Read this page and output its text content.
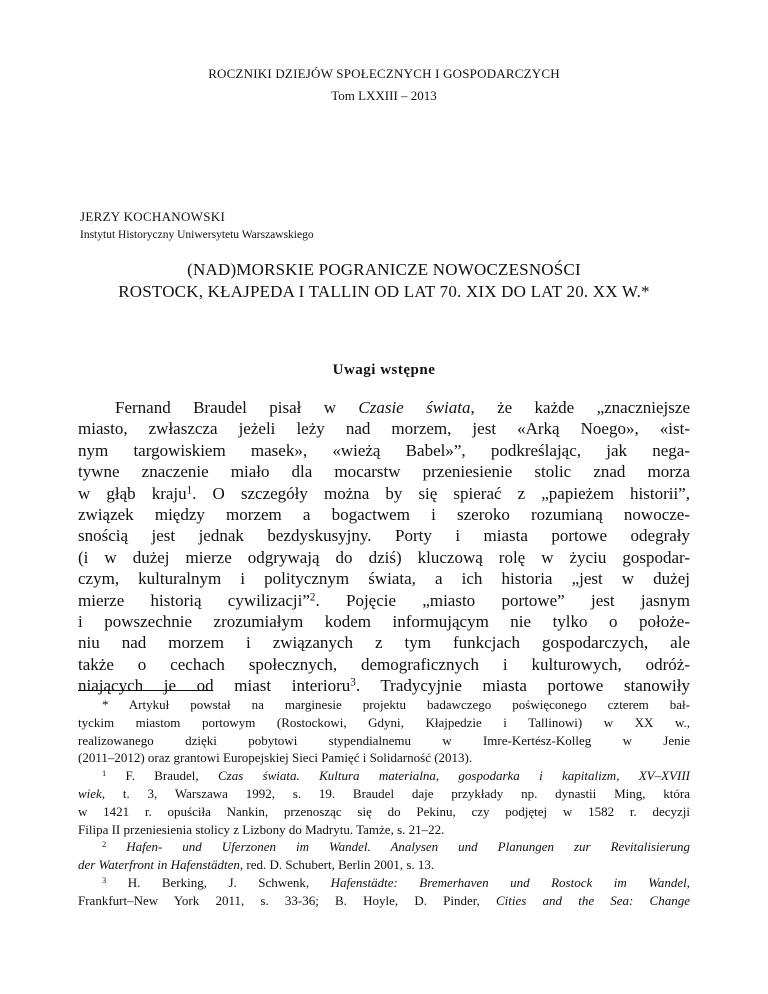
ROCZNIKI DZIEJÓW SPOŁECZNYCH I GOSPODARCZYCH
Tom LXXIII – 2013
JERZY KOCHANOWSKI
Instytut Historyczny Uniwersytetu Warszawskiego
(NAD)MORSKIE POGRANICZE NOWOCZESNOŚCI
ROSTOCK, KŁAJPEDA I TALLIN OD LAT 70. XIX DO LAT 20. XX W.*
Uwagi wstępne
Fernand Braudel pisał w Czasie świata, że każde „znaczniejsze
miasto, zwłaszcza jeżeli leży nad morzem, jest «Arką Noego», «ist-
nym targowiskiem masek», «wieżą Babel»”, podkreślając, jak nega-
tywne znaczenie miało dla mocarstw przeniesienie stolic znad morza
w głąb kraju$^1$. O szczegóły można by się spierać z „papieżem historii”,
związek między morzem a bogactwem i szeroko rozumianą nowocze-
snością jest jednak bezdyskusyjny. Porty i miasta portowe odegrały
(i w dużej mierze odgrywają do dziś) kluczową rolę w życiu gospodar-
czym, kulturalnym i politycznym świata, a ich historia „jest w dużej
mierze historią cywilizacji”$^2$. Pojęcie „miasto portowe” jest jasnym
i powszechnie zrozumiałym kodem informującym nie tylko o położe-
niu nad morzem i związanych z tym funkcjach gospodarczych, ale
także o cechach społecznych, demograficznych i kulturowych, odróż-
niających je od miast interioru$^3$. Tradycyjnie miasta portowe stanowiły
* Artykuł powstał na marginesie projektu badawczego poświęconego czterem bał-
tyckim miastom portowym (Rostockowi, Gdyni, Kłajpedzie i Tallinowi) w XX w.,
realizowanego dzięki pobytowi stypendialnemu w Imre-Kertész-Kolleg w Jenie
(2011–2012) oraz grantowi Europejskiej Sieci Pamięć i Solidarność (2013).
$^1$ F. Braudel, Czas świata. Kultura materialna, gospodarka i kapitalizm, XV–XVIII
wiek, t. 3, Warszawa 1992, s. 19. Braudel daje przykłady np. dynastii Ming, która
w 1421 r. opuściła Nankin, przenosząc się do Pekinu, czy podjętej w 1582 r. decyzji
Filipa II przeniesienia stolicy z Lizbony do Madrytu. Tamże, s. 21–22.
$^2$ Hafen- und Uferzonen im Wandel. Analysen und Planungen zur Revitalisierung
der Waterfront in Hafenstädten, red. D. Schubert, Berlin 2001, s. 13.
$^3$ H. Berking, J. Schwenk, Hafenstädte: Bremerhaven und Rostock im Wandel,
Frankfurt–New York 2011, s. 33-36; B. Hoyle, D. Pinder, Cities and the Sea: Change
